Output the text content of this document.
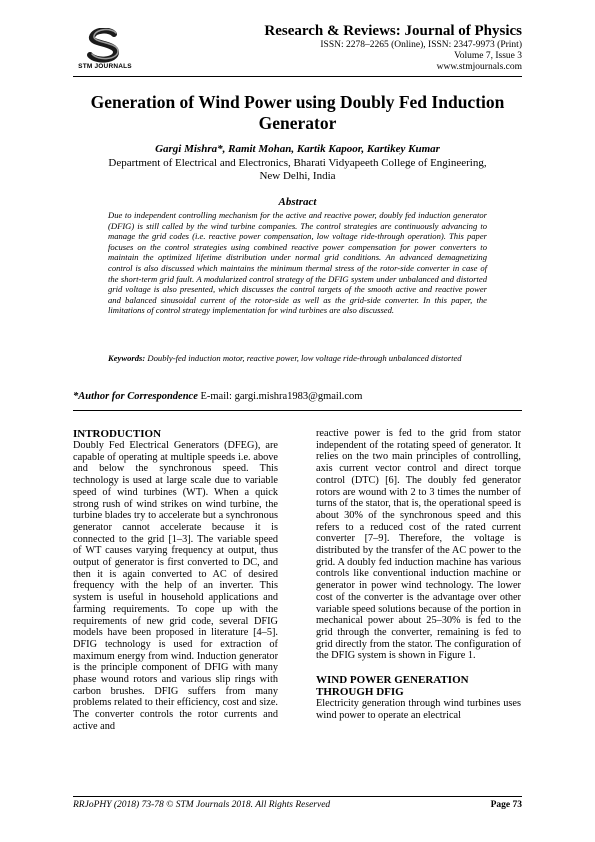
STM JOURNALS
Research & Reviews: Journal of Physics
ISSN: 2278–2265 (Online), ISSN: 2347-9973 (Print)
Volume 7, Issue 3
www.stmjournals.com
Generation of Wind Power using Doubly Fed Induction Generator
Gargi Mishra*, Ramit Mohan, Kartik Kapoor, Kartikey Kumar
Department of Electrical and Electronics, Bharati Vidyapeeth College of Engineering, New Delhi, India
Abstract
Due to independent controlling mechanism for the active and reactive power, doubly fed induction generator (DFIG) is still called by the wind turbine companies. The control strategies are continuously advancing to manage the grid codes (i.e. reactive power compensation, low voltage ride-through operation). This paper focuses on the control strategies using combined reactive power compensation for power converters to maintain the optimized lifetime distribution under normal grid conditions. An advanced demagnetizing control is also discussed which maintains the minimum thermal stress of the rotor-side converter in case of the short-term grid fault. A modularized control strategy of the DFIG system under unbalanced and distorted grid voltage is also presented, which discusses the control targets of the smooth active and reactive power and balanced sinusoidal current of the rotor-side as well as the grid-side converter. In this paper, the limitations of control strategy implementation for wind turbines are also discussed.
Keywords: Doubly-fed induction motor, reactive power, low voltage ride-through unbalanced distorted
*Author for Correspondence E-mail: gargi.mishra1983@gmail.com
INTRODUCTION

Doubly Fed Electrical Generators (DFEG), are capable of operating at multiple speeds i.e. above and below the synchronous speed. This technology is used at large scale due to variable speed of wind turbines (WT). When a quick strong rush of wind strikes on wind turbine, the turbine blades try to accelerate but a synchronous generator cannot accelerate because it is connected to the grid [1–3]. The variable speed of WT causes varying frequency at output, thus output of generator is first converted to DC, and then it is again converted to AC of desired frequency with the help of an inverter. This system is useful in household applications and farming requirements. To cope up with the requirements of new grid code, several DFIG models have been proposed in literature [4–5]. DFIG technology is used for extraction of maximum energy from wind. Induction generator is the principle component of DFIG with many phase wound rotors and various slip rings with carbon brushes. DFIG suffers from many problems related to their efficiency, cost and size. The converter controls the rotor currents and active and

reactive power is fed to the grid from stator independent of the rotating speed of generator. It relies on the two main principles of controlling, axis current vector control and direct torque control (DTC) [6]. The doubly fed generator rotors are wound with 2 to 3 times the number of turns of the stator, that is, the operational speed is about 30% of the synchronous speed and this refers to a reduced cost of the rated current converter [7–9]. Therefore, the voltage is distributed by the transfer of the AC power to the grid. A doubly fed induction machine has various controls like conventional induction machine or generator in power wind technology. The lower cost of the converter is the advantage over other variable speed solutions because of the portion in mechanical power about 25–30% is fed to the grid through the converter, remaining is fed to grid directly from the stator. The configuration of the DFIG system is shown in Figure 1.

WIND POWER GENERATION THROUGH DFIG

Electricity generation through wind turbines uses wind power to operate an electrical

RRJoPHY (2018) 73-78 © STM Journals 2018. All Rights Reserved	Page 73
